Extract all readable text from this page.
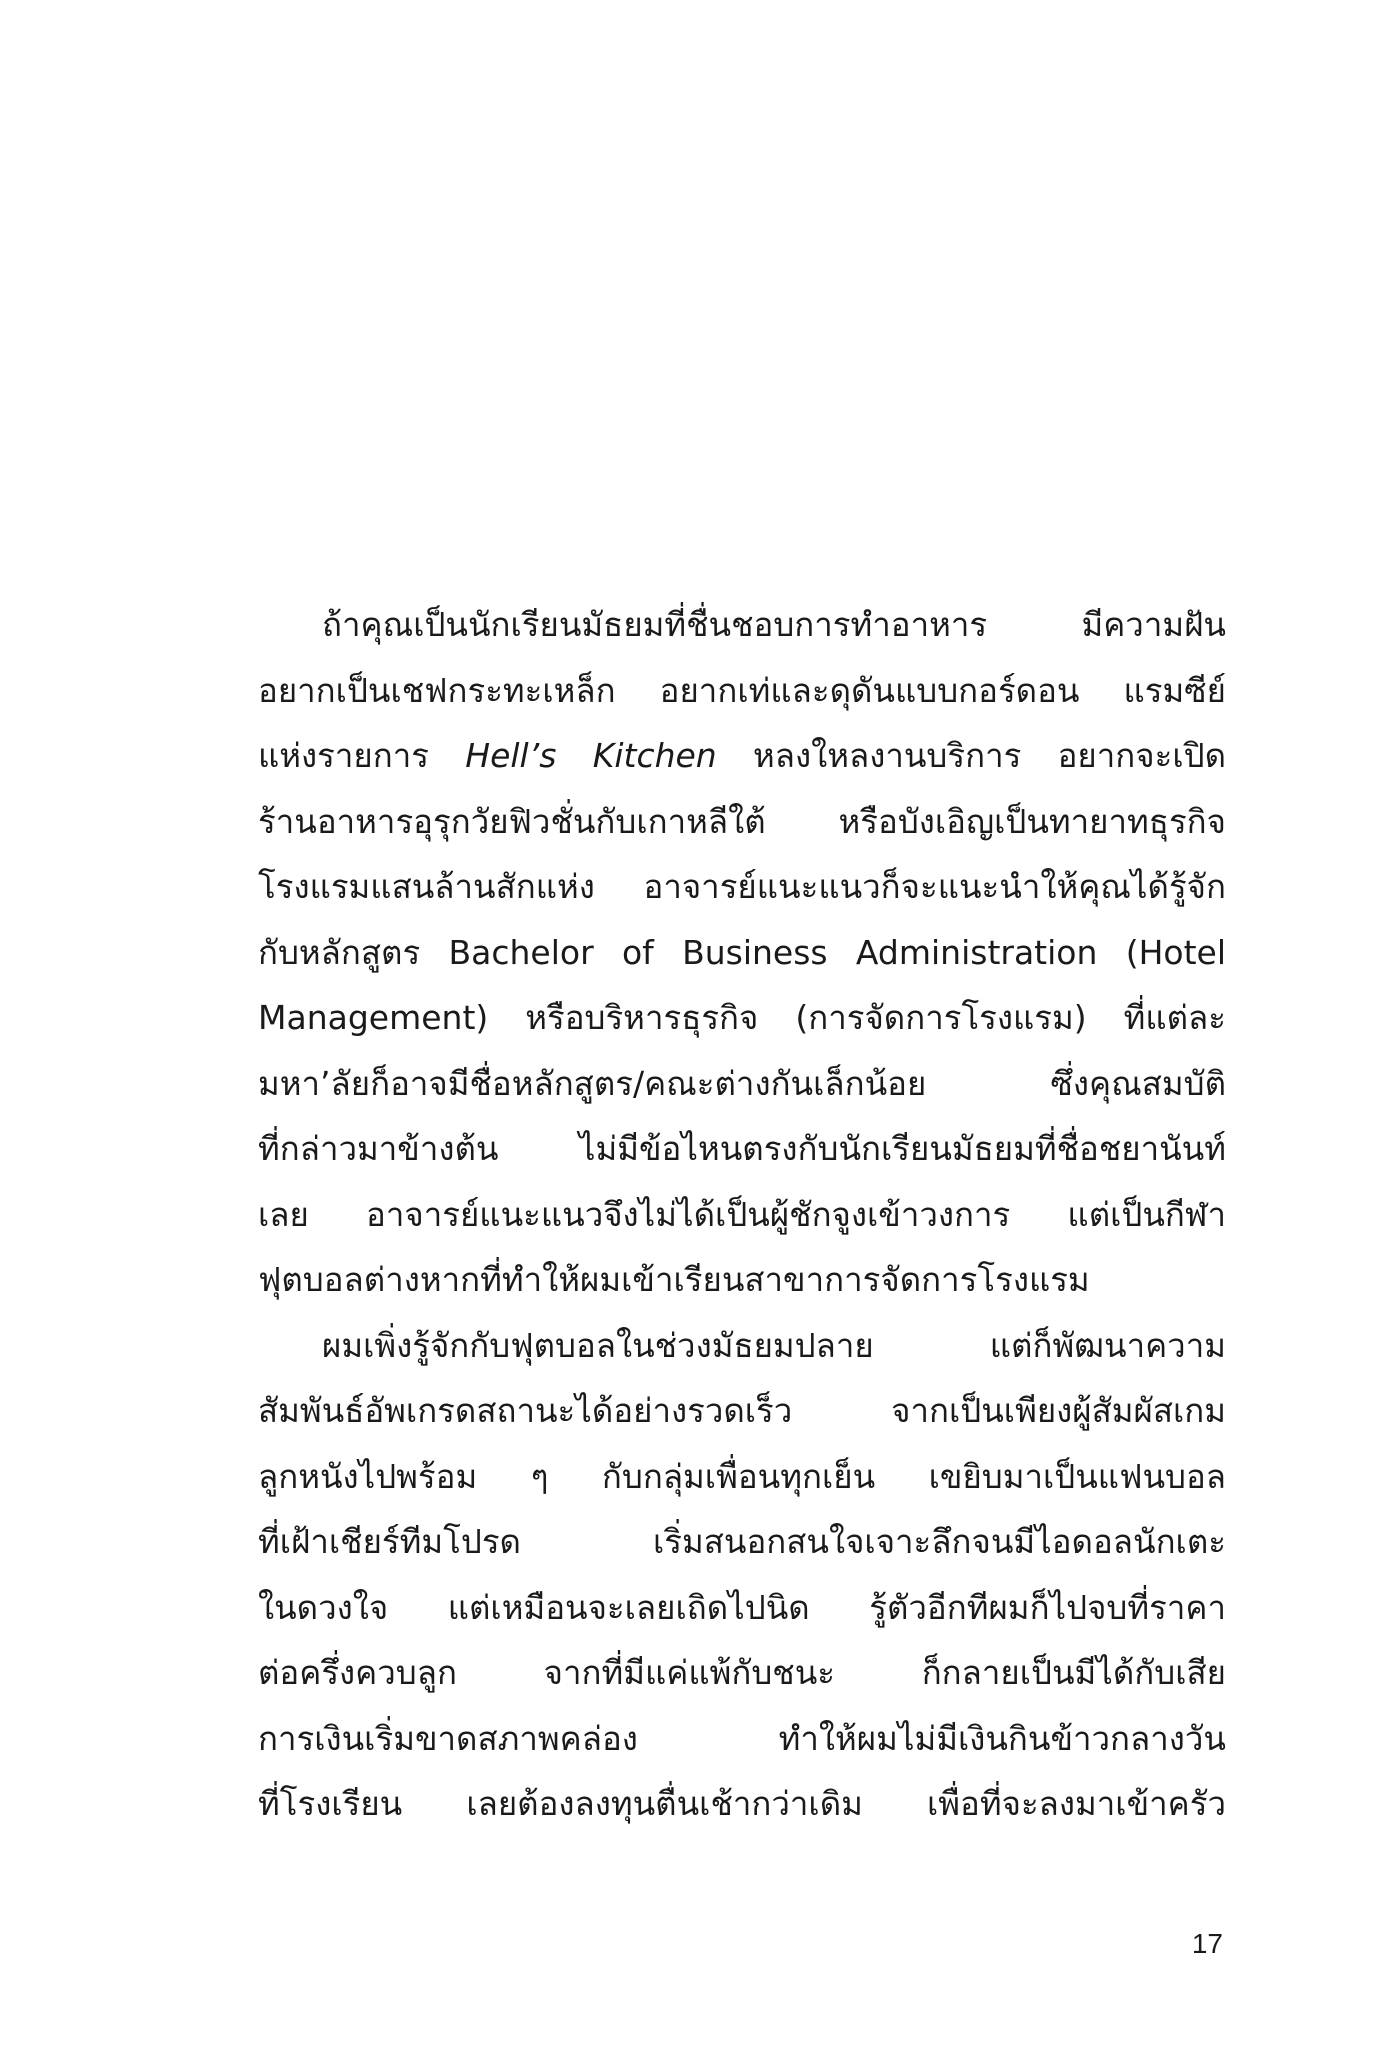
ถ้าคุณเป็นนักเรียนมัธยมที่ชื่นชอบการทำอาหาร มีความฝัน
อยากเป็นเชฟกระทะเหล็ก อยากเท่และดุดันแบบกอร์ดอน แรมซีย์
แห่งรายการ Hell’s Kitchen หลงใหลงานบริการ อยากจะเปิด
ร้านอาหารอุรุกวัยฟิวชั่นกับเกาหลีใต้ หรือบังเอิญเป็นทายาทธุรกิจ
โรงแรมแสนล้านสักแห่ง อาจารย์แนะแนวก็จะแนะนำให้คุณได้รู้จัก
กับหลักสูตร Bachelor of Business Administration (Hotel
Management) หรือบริหารธุรกิจ (การจัดการโรงแรม) ที่แต่ละ
มหา’ลัยก็อาจมีชื่อหลักสูตร/คณะต่างกันเล็กน้อย ซึ่งคุณสมบัติ
ที่กล่าวมาข้างต้น ไม่มีข้อไหนตรงกับนักเรียนมัธยมที่ชื่อชยานันท์
เลย อาจารย์แนะแนวจึงไม่ได้เป็นผู้ชักจูงเข้าวงการ แต่เป็นกีฬา
ฟุตบอลต่างหากที่ทำให้ผมเข้าเรียนสาขาการจัดการโรงแรม
ผมเพิ่งรู้จักกับฟุตบอลในช่วงมัธยมปลาย แต่ก็พัฒนาความ
สัมพันธ์อัพเกรดสถานะได้อย่างรวดเร็ว จากเป็นเพียงผู้สัมผัสเกม
ลูกหนังไปพร้อม ๆ กับกลุ่มเพื่อนทุกเย็น เขยิบมาเป็นแฟนบอล
ที่เฝ้าเชียร์ทีมโปรด เริ่มสนอกสนใจเจาะลึกจนมีไอดอลนักเตะ
ในดวงใจ แต่เหมือนจะเลยเถิดไปนิด รู้ตัวอีกทีผมก็ไปจบที่ราคา
ต่อครึ่งควบลูก จากที่มีแค่แพ้กับชนะ ก็กลายเป็นมีได้กับเสีย
การเงินเริ่มขาดสภาพคล่อง ทำให้ผมไม่มีเงินกินข้าวกลางวัน
ที่โรงเรียน เลยต้องลงทุนตื่นเช้ากว่าเดิม เพื่อที่จะลงมาเข้าครัว
17
